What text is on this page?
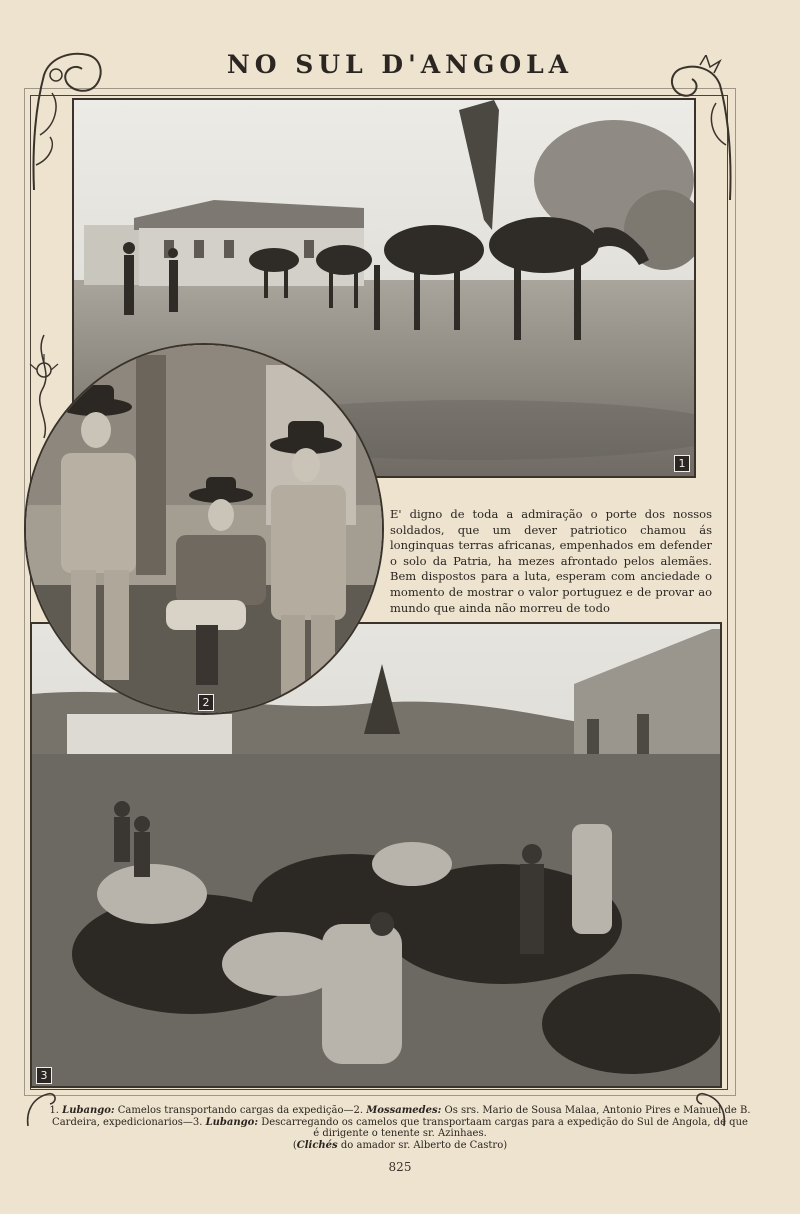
NO SUL D'ANGOLA
1
3
2
E' digno de toda a admiração o porte dos nossos soldados, que um dever patriotico chamou ás longinquas terras africanas, empenhados em defender o solo da Patria, ha mezes afrontado pelos alemães. Bem dispostos para a luta, esperam com anciedade o momento de mostrar o valor portuguez e de provar ao mundo que ainda não morreu de todo
1. Lubango: Camelos transportando cargas da expedição—2. Mossamedes: Os srs. Mario de Sousa Malaa, Antonio Pires e Manuel de B. Cardeira, expedicionarios—3. Lubango: Descarregando os camelos que transportaam cargas para a expedição do Sul de Angola, de que é dirigente o tenente sr. Azinhaes.
(Clichés do amador sr. Alberto de Castro)
825
